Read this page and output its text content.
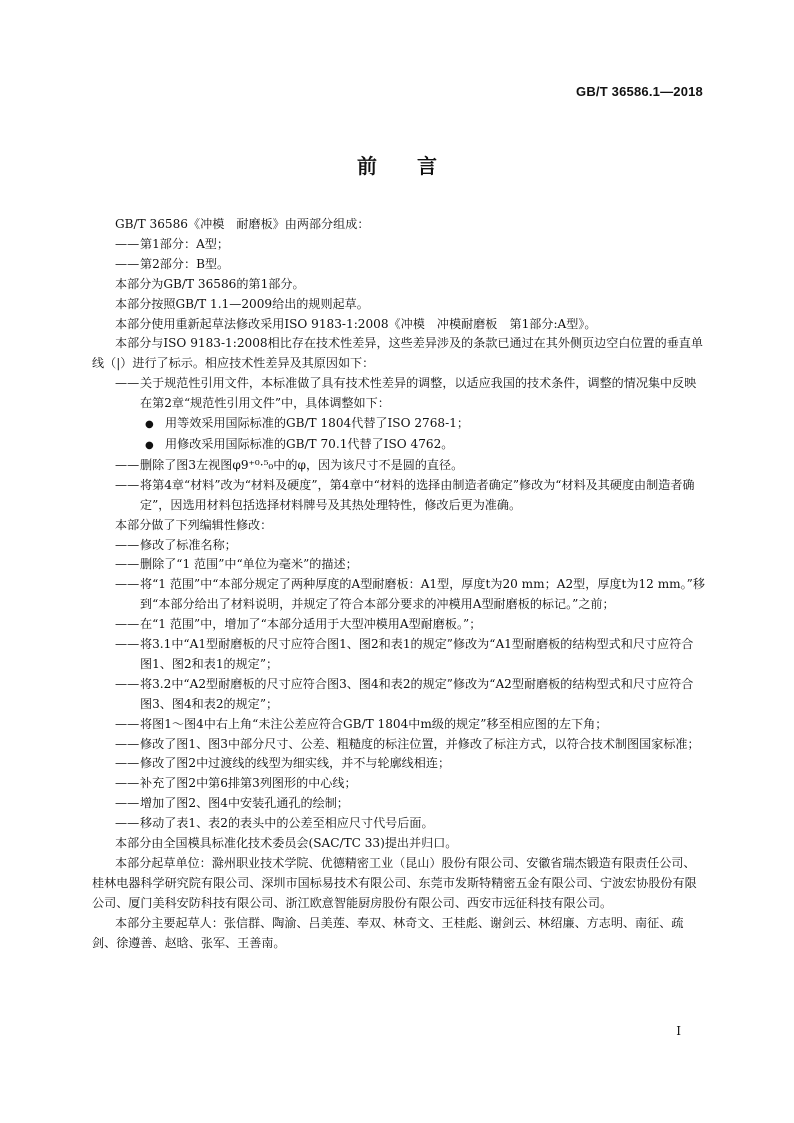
GB/T 36586.1—2018
前　　言

GB/T 36586《冲模　耐磨板》由两部分组成：

——第1部分：A型；

——第2部分：B型。

本部分为GB/T 36586的第1部分。

本部分按照GB/T 1.1—2009给出的规则起草。

本部分使用重新起草法修改采用ISO 9183-1:2008《冲模　冲模耐磨板　第1部分:A型》。

本部分与ISO 9183-1:2008相比存在技术性差异，这些差异涉及的条款已通过在其外侧页边空白位置的垂直单线（|）进行了标示。相应技术性差异及其原因如下：

——关于规范性引用文件，本标准做了具有技术性差异的调整，以适应我国的技术条件，调整的情况集中反映在第2章“规范性引用文件”中，具体调整如下：

● 用等效采用国际标准的GB/T 1804代替了ISO 2768-1；

● 用修改采用国际标准的GB/T 70.1代替了ISO 4762。

——删除了图3左视图φ9⁺⁰·⁵₀中的φ，因为该尺寸不是圆的直径。

——将第4章“材料”改为“材料及硬度”，第4章中“材料的选择由制造者确定”修改为“材料及其硬度由制造者确定”，因选用材料包括选择材料牌号及其热处理特性，修改后更为准确。

本部分做了下列编辑性修改：

——修改了标准名称；

——删除了“1 范围”中“单位为毫米”的描述；

——将“1 范围”中“本部分规定了两种厚度的A型耐磨板：A1型，厚度t为20 mm；A2型，厚度t为12 mm。”移到“本部分给出了材料说明，并规定了符合本部分要求的冲模用A型耐磨板的标记。”之前；

——在“1 范围”中，增加了“本部分适用于大型冲模用A型耐磨板。”；

——将3.1中“A1型耐磨板的尺寸应符合图1、图2和表1的规定”修改为“A1型耐磨板的结构型式和尺寸应符合图1、图2和表1的规定”；

——将3.2中“A2型耐磨板的尺寸应符合图3、图4和表2的规定”修改为“A2型耐磨板的结构型式和尺寸应符合图3、图4和表2的规定”；

——将图1～图4中右上角“未注公差应符合GB/T 1804中m级的规定”移至相应图的左下角；

——修改了图1、图3中部分尺寸、公差、粗糙度的标注位置，并修改了标注方式，以符合技术制图国家标准；

——修改了图2中过渡线的线型为细实线，并不与轮廓线相连；

——补充了图2中第6排第3列图形的中心线；

——增加了图2、图4中安装孔通孔的绘制；

——移动了表1、表2的表头中的公差至相应尺寸代号后面。

本部分由全国模具标准化技术委员会(SAC/TC 33)提出并归口。

本部分起草单位：滁州职业技术学院、优德精密工业（昆山）股份有限公司、安徽省瑞杰锻造有限责任公司、桂林电器科学研究院有限公司、深圳市国标易技术有限公司、东莞市发斯特精密五金有限公司、宁波宏协股份有限公司、厦门美科安防科技有限公司、浙江欧意智能厨房股份有限公司、西安市远征科技有限公司。

本部分主要起草人：张信群、陶渝、吕美莲、奉双、林奇文、王桂彪、谢剑云、林绍廉、方志明、南征、疏剑、徐遵善、赵晗、张军、王善南。

I
